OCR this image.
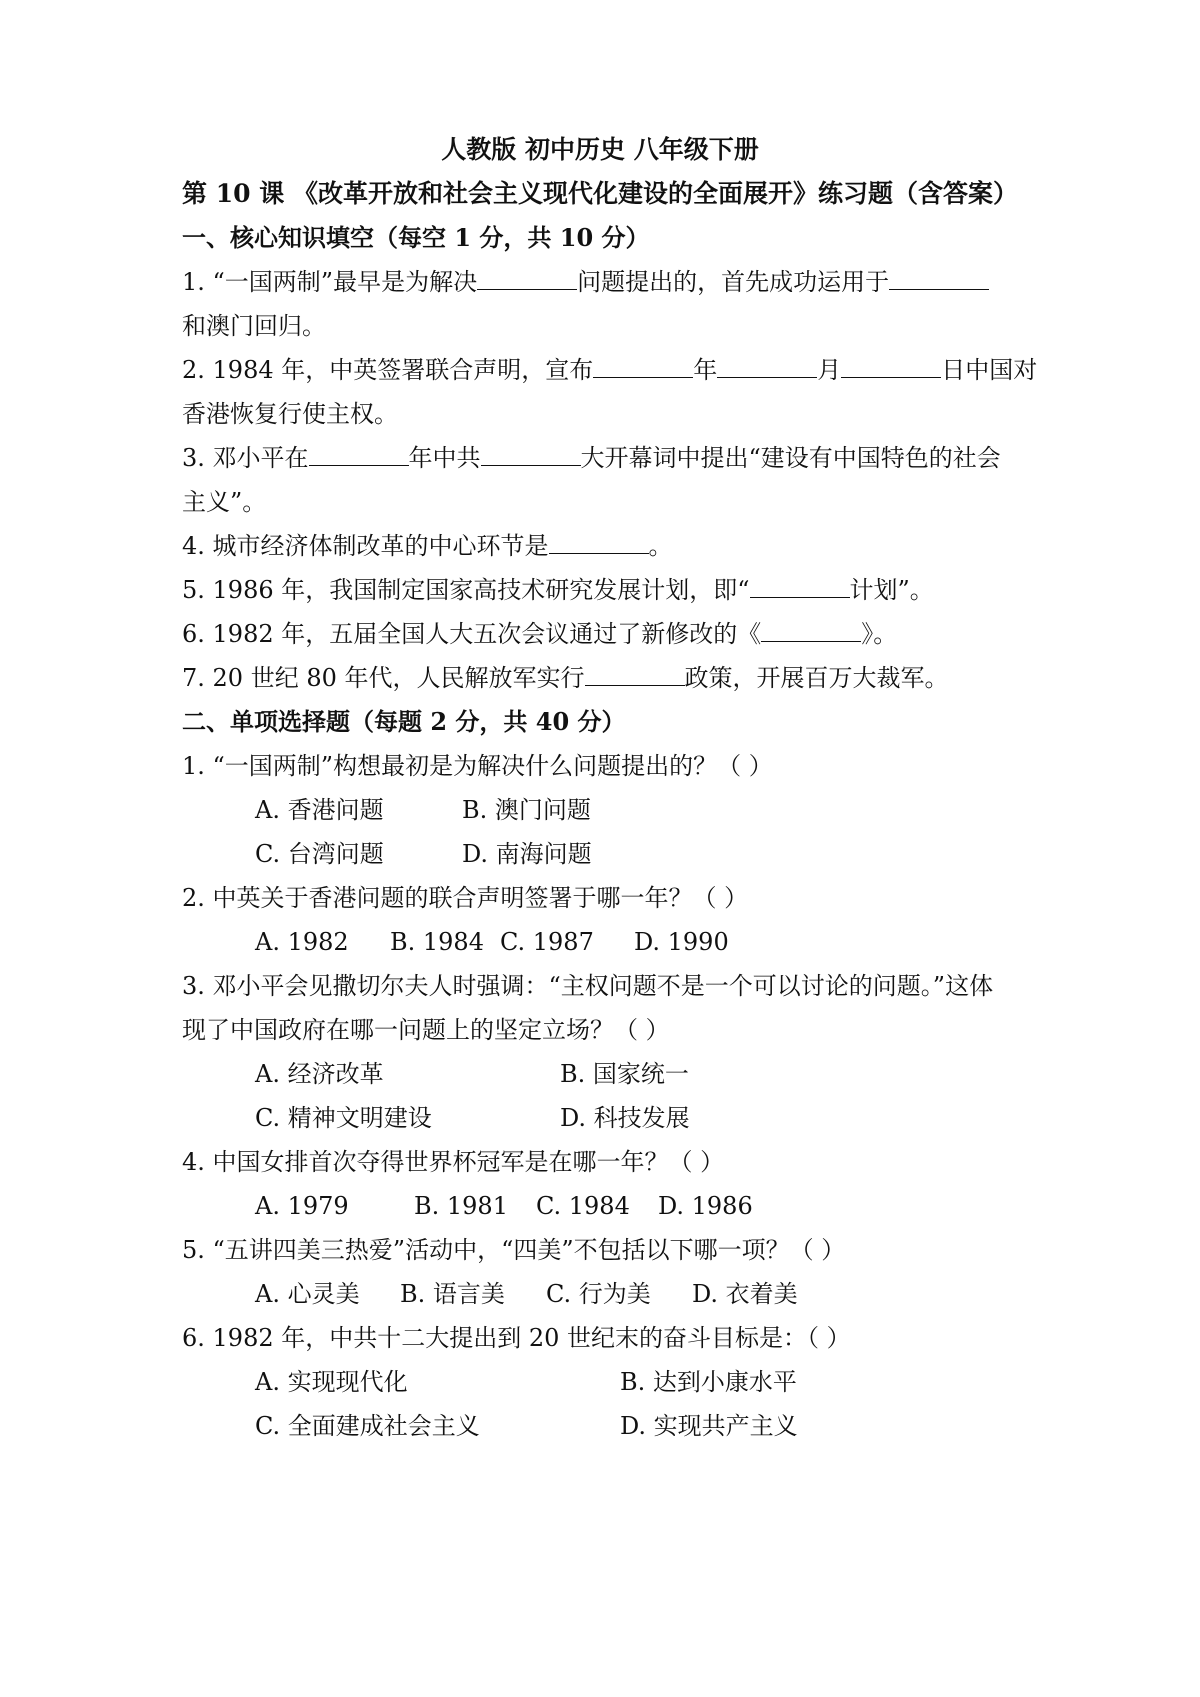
人教版 初中历史 八年级下册
第 10 课 《改革开放和社会主义现代化建设的全面展开》练习题（含答案）
一、核心知识填空（每空 1 分，共 10 分）
1. “一国两制”最早是为解决	问题提出的，首先成功运用于
和澳门回归。
2. 1984 年，中英签署联合声明，宣布	年	月	日中国对
香港恢复行使主权。
3. 邓小平在	年中共	大开幕词中提出“建设有中国特色的社会
主义”。
4. 城市经济体制改革的中心环节是	。
5. 1986 年，我国制定国家高技术研究发展计划，即“	计划”。
6. 1982 年，五届全国人大五次会议通过了新修改的《	》。
7. 20 世纪 80 年代，人民解放军实行	政策，开展百万大裁军。
二、单项选择题（每题 2 分，共 40 分）
1. “一国两制”构想最初是为解决什么问题提出的？（ ）
A. 香港问题	B. 澳门问题
C. 台湾问题	D. 南海问题
2. 中英关于香港问题的联合声明签署于哪一年？（ ）
A. 1982 B. 1984 C. 1987 D. 1990
3. 邓小平会见撒切尔夫人时强调：“主权问题不是一个可以讨论的问题。”这体
现了中国政府在哪一问题上的坚定立场？（ ）
A. 经济改革	B. 国家统一
C. 精神文明建设	D. 科技发展
4. 中国女排首次夺得世界杯冠军是在哪一年？（ ）
A. 1979	B. 1981 C. 1984 D. 1986
5. “五讲四美三热爱”活动中，“四美”不包括以下哪一项？（ ）
A. 心灵美 B. 语言美 C. 行为美 D. 衣着美
6. 1982 年，中共十二大提出到 20 世纪末的奋斗目标是：（ ）
A. 实现现代化	B. 达到小康水平
C. 全面建成社会主义	D. 实现共产主义
